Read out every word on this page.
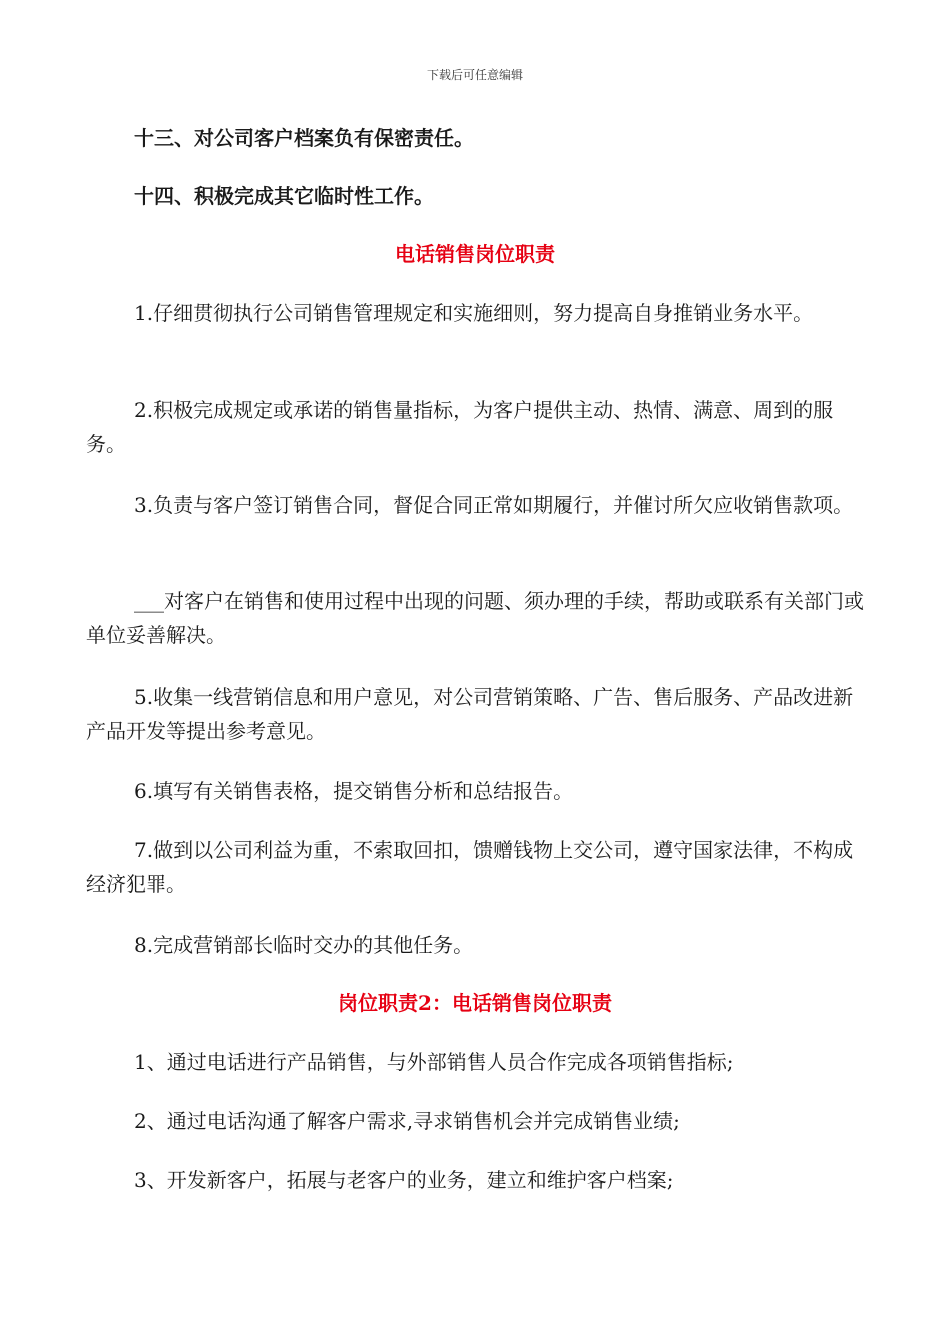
下载后可任意编辑

十三、对公司客户档案负有保密责任。

十四、积极完成其它临时性工作。

电话销售岗位职责

1.仔细贯彻执行公司销售管理规定和实施细则，努力提高自身推销业务水平。

2.积极完成规定或承诺的销售量指标，为客户提供主动、热情、满意、周到的服务。

3.负责与客户签订销售合同，督促合同正常如期履行，并催讨所欠应收销售款项。

___对客户在销售和使用过程中出现的问题、须办理的手续，帮助或联系有关部门或单位妥善解决。

5.收集一线营销信息和用户意见，对公司营销策略、广告、售后服务、产品改进新产品开发等提出参考意见。

6.填写有关销售表格，提交销售分析和总结报告。

7.做到以公司利益为重，不索取回扣，馈赠钱物上交公司，遵守国家法律，不构成经济犯罪。

8.完成营销部长临时交办的其他任务。

岗位职责2：电话销售岗位职责

1、通过电话进行产品销售，与外部销售人员合作完成各项销售指标;

2、通过电话沟通了解客户需求,寻求销售机会并完成销售业绩;

3、开发新客户，拓展与老客户的业务，建立和维护客户档案;
